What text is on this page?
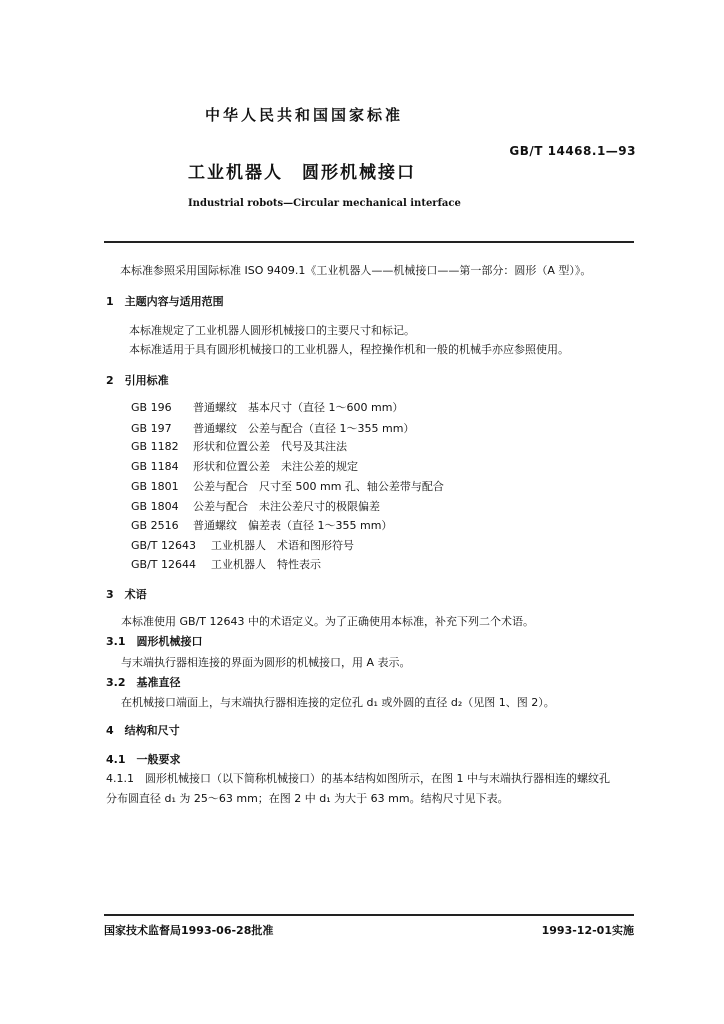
中华人民共和国国家标准
GB/T 14468.1—93
工业机器人　圆形机械接口
Industrial robots—Circular mechanical interface
本标准参照采用国际标准 ISO 9409.1《工业机器人——机械接口——第一部分：圆形（A 型）》。
1　主题内容与适用范围
本标准规定了工业机器人圆形机械接口的主要尺寸和标记。
本标准适用于具有圆形机械接口的工业机器人，程控操作机和一般的机械手亦应参照使用。
2　引用标准
GB 196 普通螺纹　基本尺寸（直径 1～600 mm）
GB 197 普通螺纹　公差与配合（直径 1～355 mm）
GB 1182 形状和位置公差　代号及其注法
GB 1184 形状和位置公差　未注公差的规定
GB 1801 公差与配合　尺寸至 500 mm 孔、轴公差带与配合
GB 1804 公差与配合　未注公差尺寸的极限偏差
GB 2516 普通螺纹　偏差表（直径 1～355 mm）
GB/T 12643 工业机器人　术语和图形符号
GB/T 12644 工业机器人　特性表示
3　术语
本标准使用 GB/T 12643 中的术语定义。为了正确使用本标准，补充下列二个术语。
3.1　圆形机械接口
与末端执行器相连接的界面为圆形的机械接口，用 A 表示。
3.2　基准直径
在机械接口端面上，与末端执行器相连接的定位孔 d₁ 或外圆的直径 d₂（见图 1、图 2）。
4　结构和尺寸
4.1　一般要求
4.1.1　圆形机械接口（以下简称机械接口）的基本结构如图所示，在图 1 中与末端执行器相连的螺纹孔
分布圆直径 d₁ 为 25～63 mm；在图 2 中 d₁ 为大于 63 mm。结构尺寸见下表。
国家技术监督局1993-06-28批准	1993-12-01实施
